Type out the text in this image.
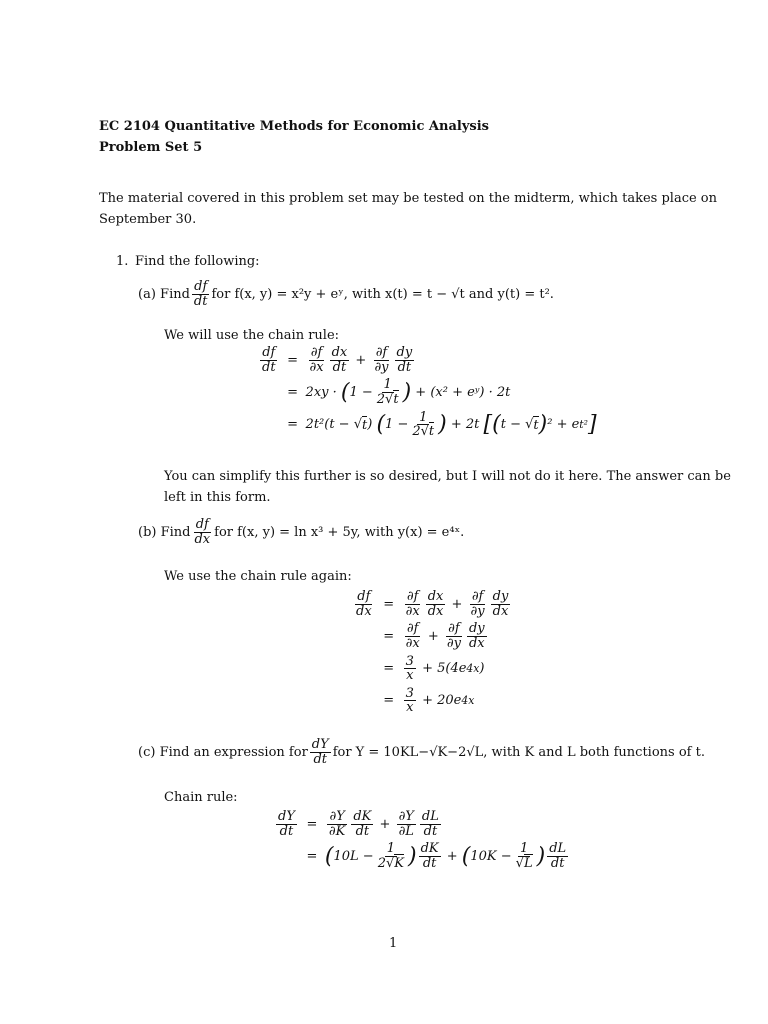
EC 2104 Quantitative Methods for Economic Analysis
Problem Set 5
The material covered in this problem set may be tested on the midterm, which takes place on
September 30.
1. Find the following:
(a)
Find $\frac{df}{dt}$ for f(x, y) = x²y + eʸ, with x(t) = t − √t and y(t) = t².
We will use the chain rule:
$\frac{df}{dt} = \frac{\partial f}{\partial x} \frac{dx}{dt} + \frac{\partial f}{\partial y} \frac{dy}{dt}$
= 2xy · ( $1 - \frac{1}{2√t}$ ) + (x² + eʸ) · 2t
= 2t²(t − √ t ) ( $1 - \frac{1}{2√t}$ ) + 2t [ ( t − √ t ) ² + e t² ]
You can simplify this further is so desired, but I will not do it here. The answer can be
left in this form.
(b)
Find $\frac{df}{dx}$ for f(x, y) = ln x³ + 5y, with y(x) = e⁴ˣ.
We use the chain rule again:
$\frac{df}{dx} = \frac{\partial f}{\partial x} \frac{dx}{dx} + \frac{\partial f}{\partial y} \frac{dy}{dx}$
= $\frac{\partial f}{\partial x} + \frac{\partial f}{\partial y} \frac{dy}{dx}$
= $\frac{3}{x} + 5(4e$ 4x )
= $\frac{3}{x} + 20e$ 4x
(c)
Find an expression for $\frac{dY}{dt}$ for Y = 10KL−√K−2√L, with K and L both functions of t.
Chain rule:
$\frac{dY}{dt} = \frac{\partial Y}{\partial K} \frac{dK}{dt} + \frac{\partial Y}{\partial L} \frac{dL}{dt}$
= ( $10L - \frac{1}{2√K}$ ) $\frac{dK}{dt}$ + ( $10K - \frac{1}{√L}$ ) $\frac{dL}{dt}$
1
